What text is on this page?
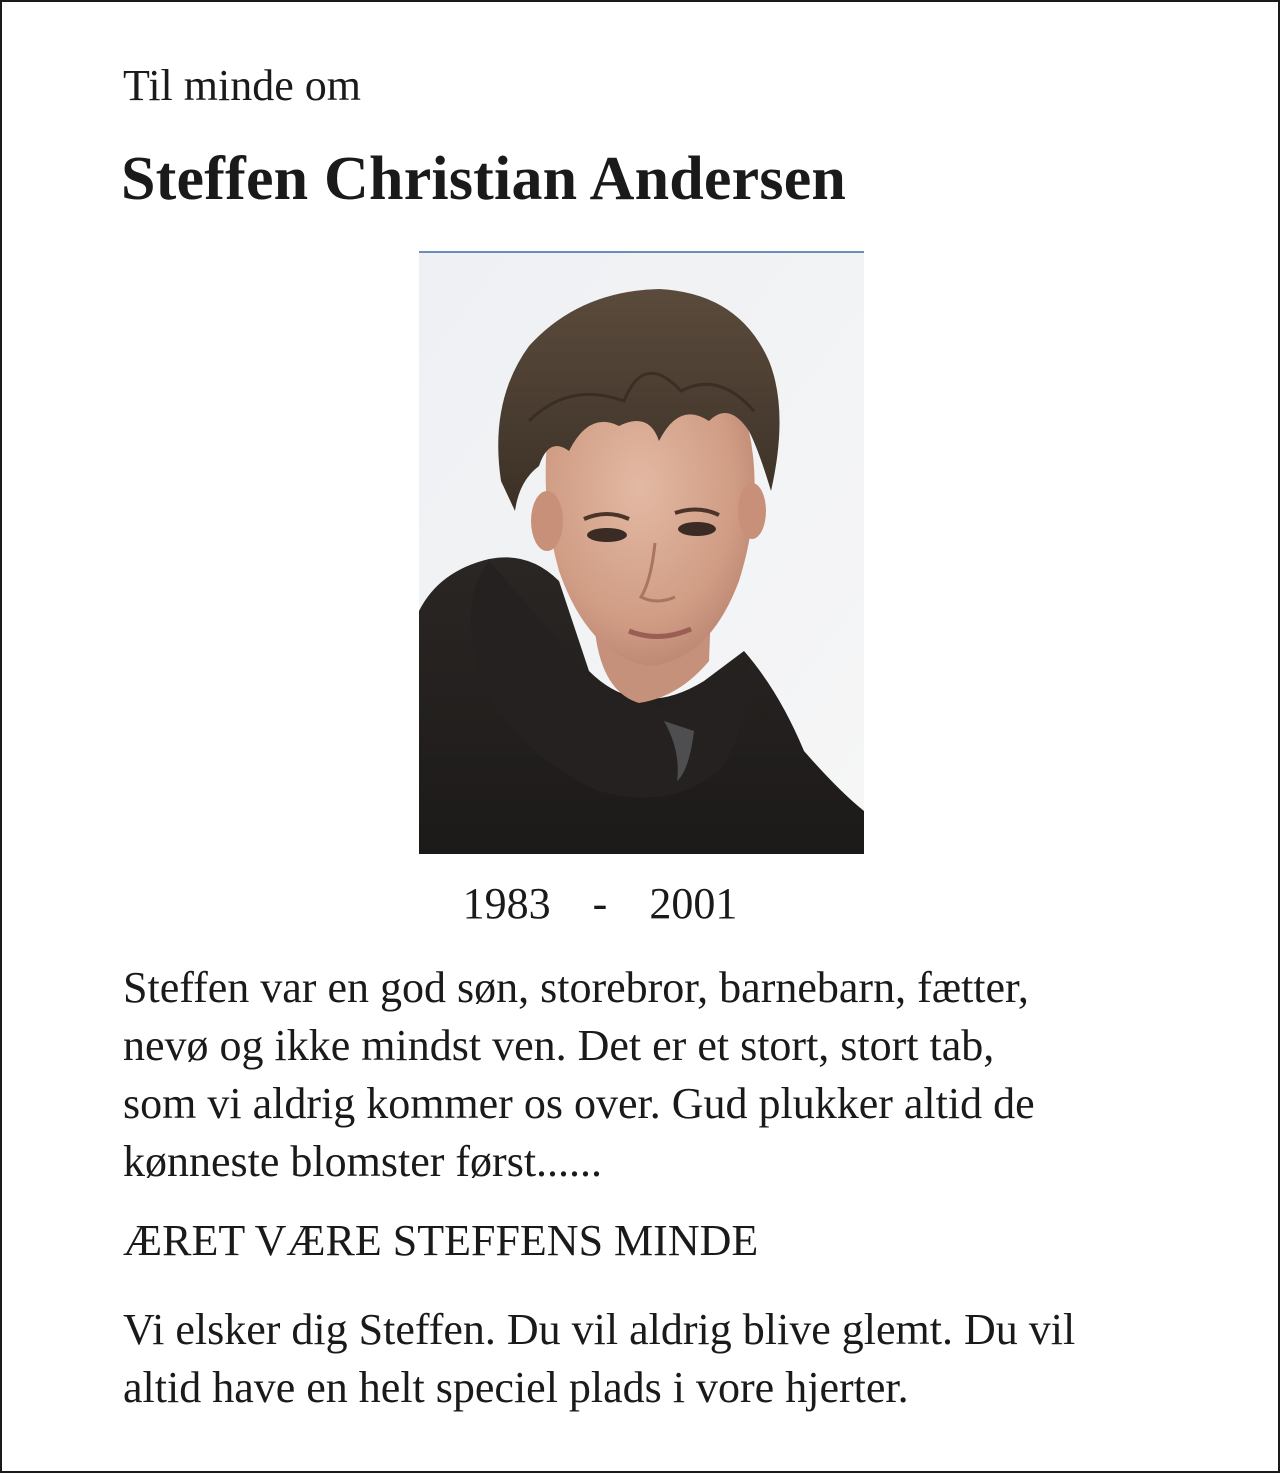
Til minde om
Steffen Christian Andersen
1983 - 2001
Steffen var en god søn, storebror, barnebarn, fætter,
nevø og ikke mindst ven. Det er et stort, stort tab,
som vi aldrig kommer os over. Gud plukker altid de
kønneste blomster først......
ÆRET VÆRE STEFFENS MINDE
Vi elsker dig Steffen. Du vil aldrig blive glemt. Du vil
altid have en helt speciel plads i vore hjerter.
